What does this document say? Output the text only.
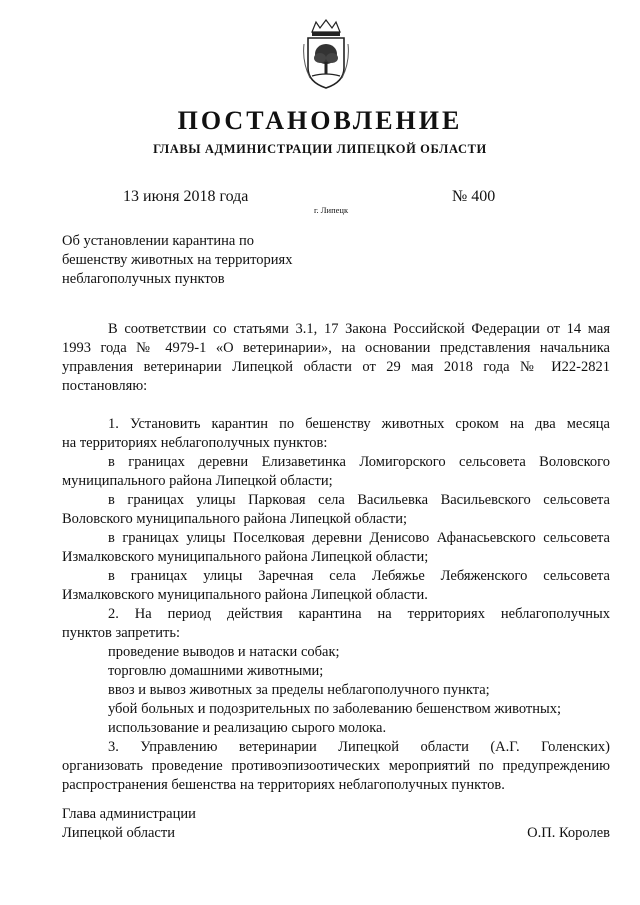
ПОСТАНОВЛЕНИЕ
ГЛАВЫ АДМИНИСТРАЦИИ ЛИПЕЦКОЙ ОБЛАСТИ
13 июня 2018 года
г. Липецк
№ 400
Об установлении карантина по
бешенству животных на территориях
неблагополучных пунктов
В соответствии со статьями 3.1, 17 Закона Российской Федерации от 14 мая
1993 года № 4979-1 «О ветеринарии», на основании представления начальника
управления ветеринарии Липецкой области от 29 мая 2018 года № И22-2821
постановляю:
1. Установить карантин по бешенству животных сроком на два месяца
на территориях неблагополучных пунктов:
в границах деревни Елизаветинка Ломигорского сельсовета Воловского
муниципального района Липецкой области;
в границах улицы Парковая села Васильевка Васильевского сельсовета
Воловского муниципального района Липецкой области;
в границах улицы Поселковая деревни Денисово Афанасьевского сельсовета
Измалковского муниципального района Липецкой области;
в границах улицы Заречная села Лебяжье Лебяженского сельсовета
Измалковского муниципального района Липецкой области.
2. На период действия карантина на территориях неблагополучных
пунктов запретить:
проведение выводов и натаски собак;
торговлю домашними животными;
ввоз и вывоз животных за пределы неблагополучного пункта;
убой больных и подозрительных по заболеванию бешенством животных;
использование и реализацию сырого молока.
3. Управлению ветеринарии Липецкой области (А.Г. Голенских)
организовать проведение противоэпизоотических мероприятий по предупреждению
распространения бешенства на территориях неблагополучных пунктов.
Глава администрации
Липецкой области	О.П. Королев
